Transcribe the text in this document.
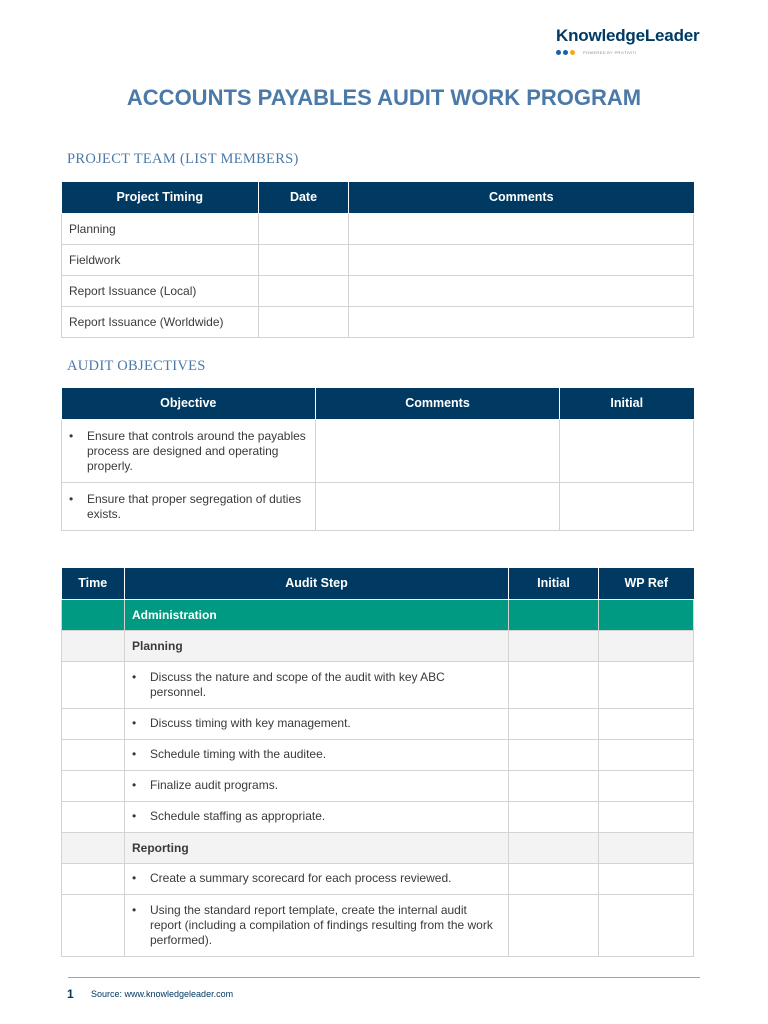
KnowledgeLeader
POWERED BY PROTIVITI
ACCOUNTS PAYABLES AUDIT WORK PROGRAM
PROJECT TEAM (LIST MEMBERS)
Project Timing	Date	Comments
Planning		
Fieldwork		
Report Issuance (Local)		
Report Issuance (Worldwide)		
AUDIT OBJECTIVES
Objective	Comments	Initial

• Ensure that controls around the payables process are designed and operating properly.		

• Ensure that proper segregation of duties exists.		

Time	Audit Step	Initial	WP Ref
	Administration		
	Planning		

	• Discuss the nature and scope of the audit with key ABC personnel.		

	• Discuss timing with key management.		

	• Schedule timing with the auditee.		

	• Finalize audit programs.		

	• Schedule staffing as appropriate.		

	Reporting		

	• Create a summary scorecard for each process reviewed.		

	• Using the standard report template, create the internal audit report (including a compilation of findings resulting from the work performed).		

1 Source: www.knowledgeleader.com
